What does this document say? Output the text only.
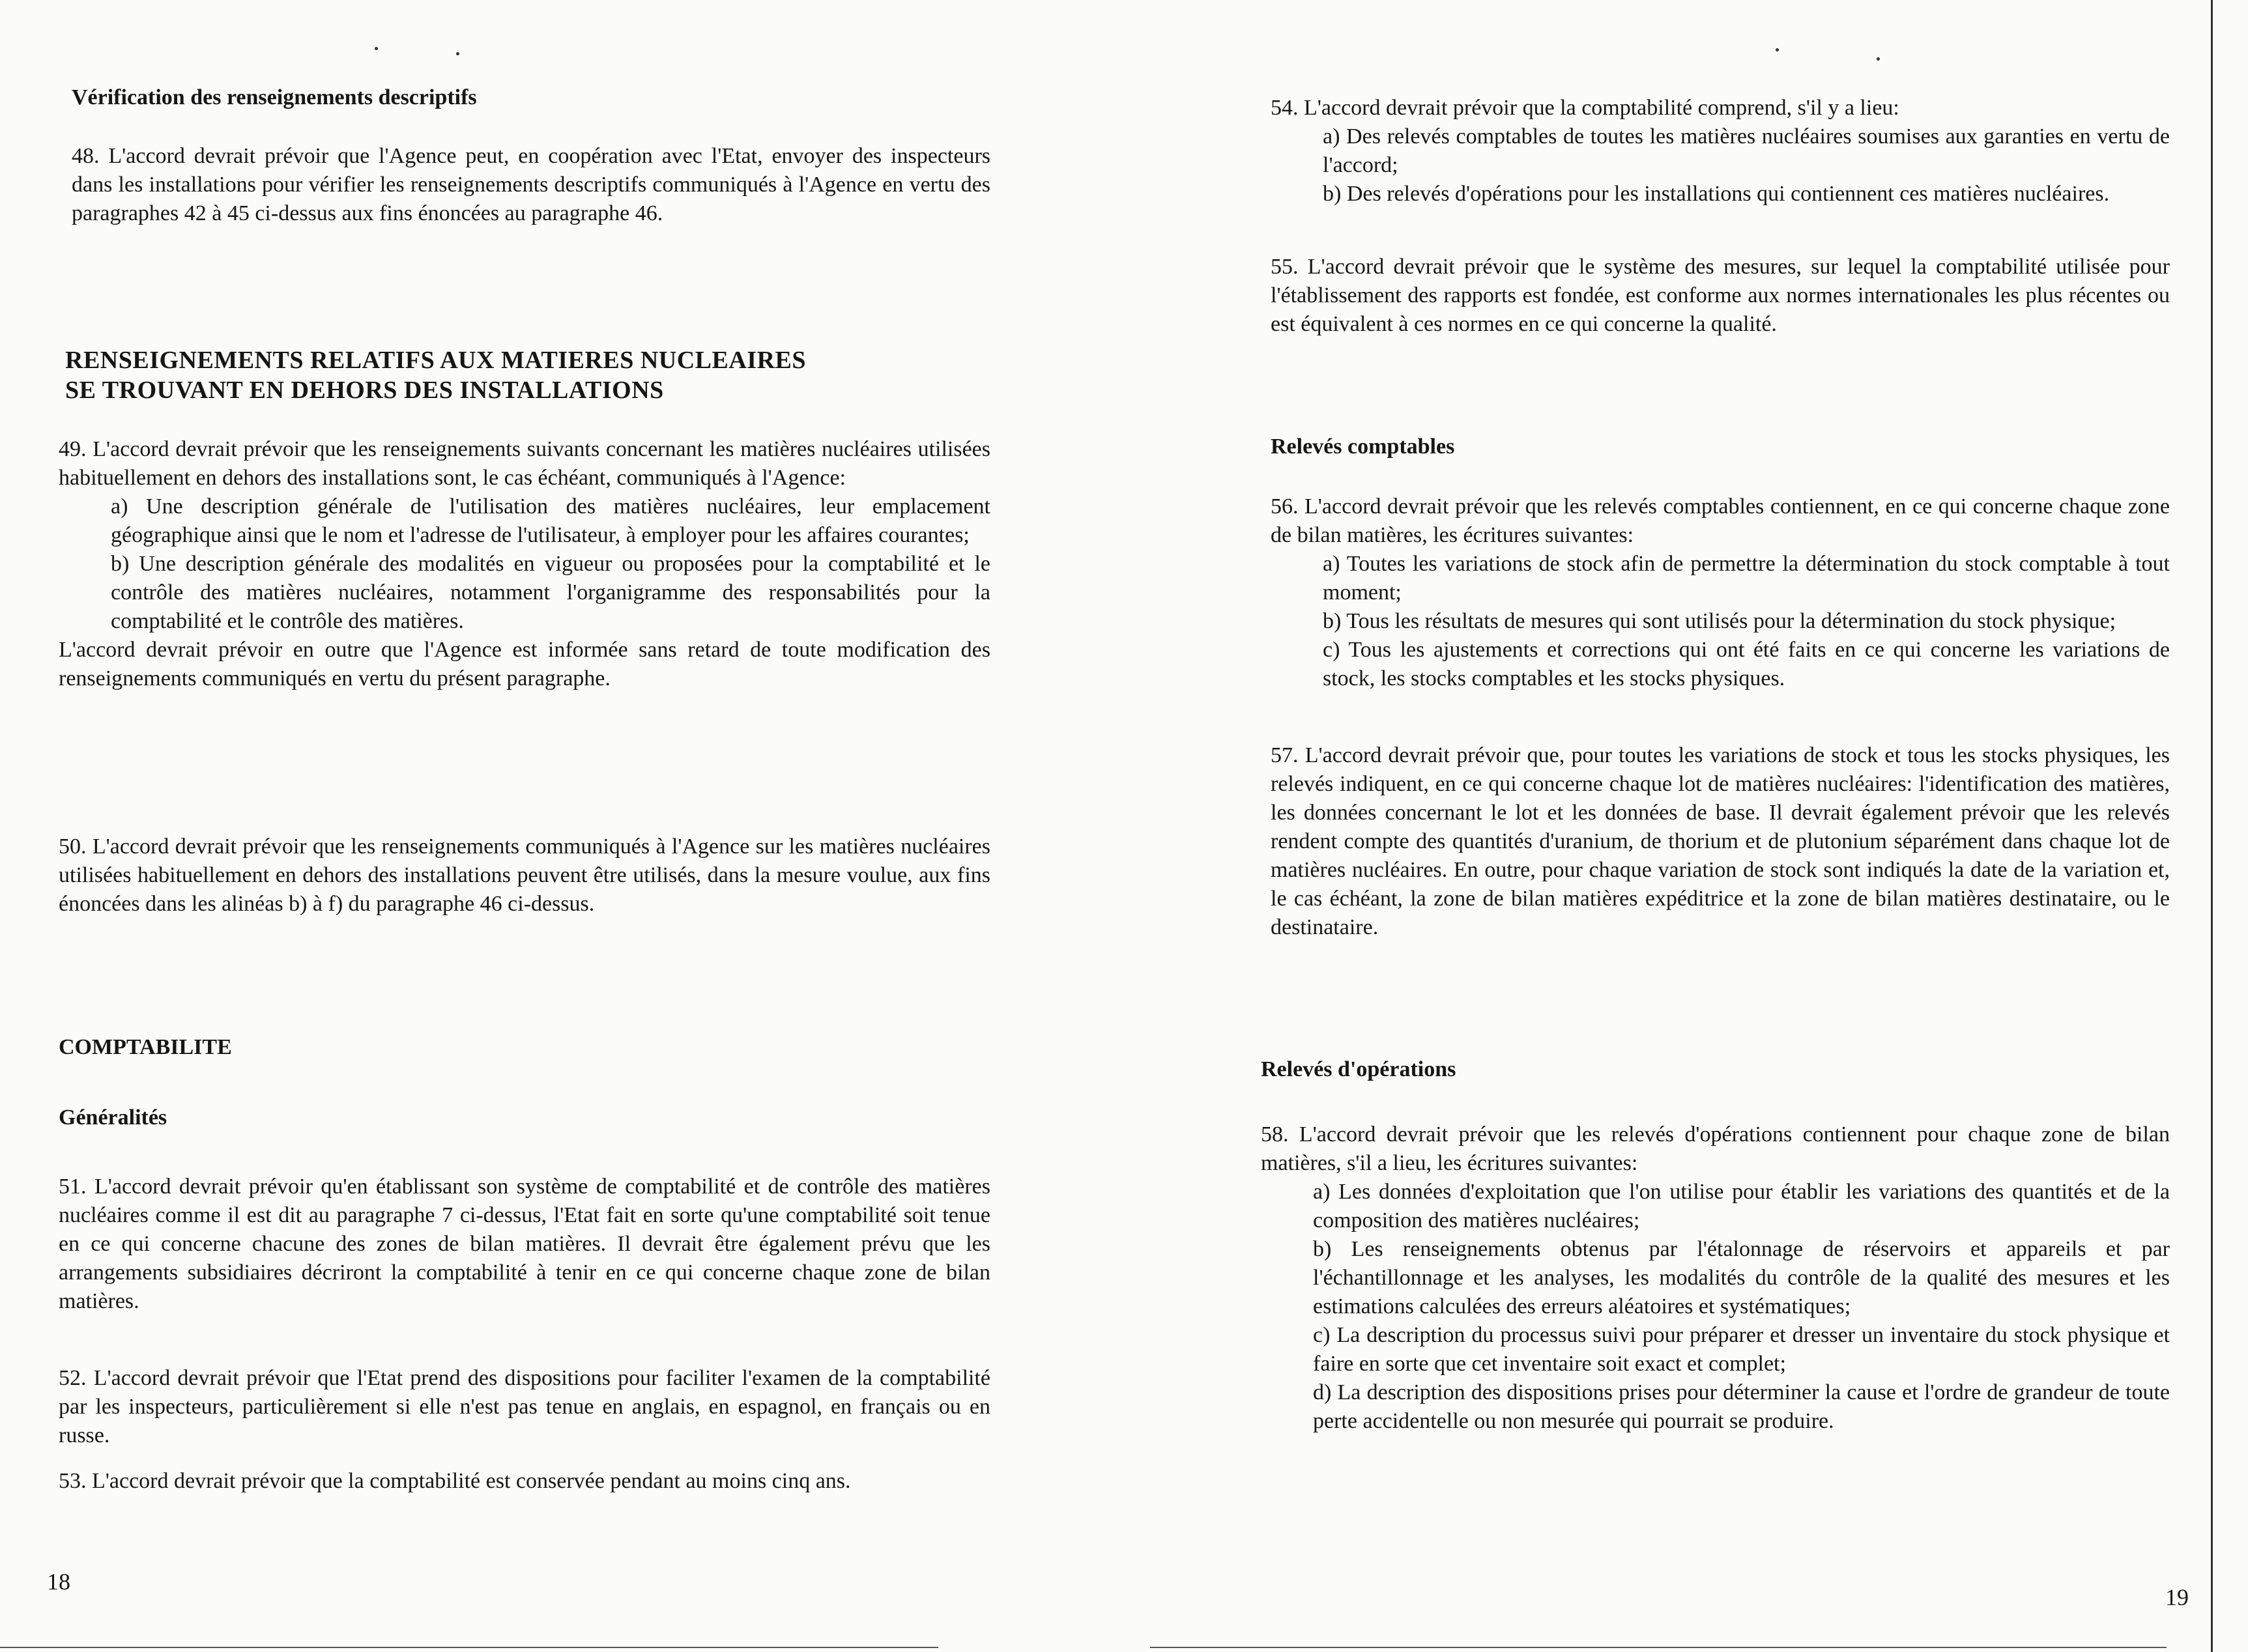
Vérification des renseignements descriptifs

48. L'accord devrait prévoir que l'Agence peut, en coopération avec l'Etat, envoyer des inspecteurs dans les installations pour vérifier les renseignements descriptifs communiqués à l'Agence en vertu des paragraphes 42 à 45 ci-dessus aux fins énoncées au paragraphe 46.

RENSEIGNEMENTS RELATIFS AUX MATIERES NUCLEAIRES
SE TROUVANT EN DEHORS DES INSTALLATIONS

49. L'accord devrait prévoir que les renseignements suivants concernant les matières nucléaires utilisées habituellement en dehors des installations sont, le cas échéant, communiqués à l'Agence:

a) Une description générale de l'utilisation des matières nucléaires, leur emplacement géographique ainsi que le nom et l'adresse de l'utilisateur, à employer pour les affaires courantes;

b) Une description générale des modalités en vigueur ou proposées pour la comptabilité et le contrôle des matières nucléaires, notamment l'organigramme des responsabilités pour la comptabilité et le contrôle des matières.

L'accord devrait prévoir en outre que l'Agence est informée sans retard de toute modification des renseignements communiqués en vertu du présent paragraphe.

50. L'accord devrait prévoir que les renseignements communiqués à l'Agence sur les matières nucléaires utilisées habituellement en dehors des installations peuvent être utilisés, dans la mesure voulue, aux fins énoncées dans les alinéas b) à f) du paragraphe 46 ci-dessus.

COMPTABILITE
Généralités

51. L'accord devrait prévoir qu'en établissant son système de comptabilité et de contrôle des matières nucléaires comme il est dit au paragraphe 7 ci-dessus, l'Etat fait en sorte qu'une comptabilité soit tenue en ce qui concerne chacune des zones de bilan matières. Il devrait être également prévu que les arrangements subsidiaires décriront la comptabilité à tenir en ce qui concerne chaque zone de bilan matières.

52. L'accord devrait prévoir que l'Etat prend des dispositions pour faciliter l'examen de la comptabilité par les inspecteurs, particulièrement si elle n'est pas tenue en anglais, en espagnol, en français ou en russe.

53. L'accord devrait prévoir que la comptabilité est conservée pendant au moins cinq ans.

18

54. L'accord devrait prévoir que la comptabilité comprend, s'il y a lieu:

a) Des relevés comptables de toutes les matières nucléaires soumises aux garanties en vertu de l'accord;

b) Des relevés d'opérations pour les installations qui contiennent ces matières nucléaires.

55. L'accord devrait prévoir que le système des mesures, sur lequel la comptabilité utilisée pour l'établissement des rapports est fondée, est conforme aux normes internationales les plus récentes ou est équivalent à ces normes en ce qui concerne la qualité.

Relevés comptables

56. L'accord devrait prévoir que les relevés comptables contiennent, en ce qui concerne chaque zone de bilan matières, les écritures suivantes:

a) Toutes les variations de stock afin de permettre la détermination du stock comptable à tout moment;

b) Tous les résultats de mesures qui sont utilisés pour la détermination du stock physique;

c) Tous les ajustements et corrections qui ont été faits en ce qui concerne les variations de stock, les stocks comptables et les stocks physiques.

57. L'accord devrait prévoir que, pour toutes les variations de stock et tous les stocks physiques, les relevés indiquent, en ce qui concerne chaque lot de matières nucléaires: l'identification des matières, les données concernant le lot et les données de base. Il devrait également prévoir que les relevés rendent compte des quantités d'uranium, de thorium et de plutonium séparément dans chaque lot de matières nucléaires. En outre, pour chaque variation de stock sont indiqués la date de la variation et, le cas échéant, la zone de bilan matières expéditrice et la zone de bilan matières destinataire, ou le destinataire.

Relevés d'opérations

58. L'accord devrait prévoir que les relevés d'opérations contiennent pour chaque zone de bilan matières, s'il a lieu, les écritures suivantes:

a) Les données d'exploitation que l'on utilise pour établir les variations des quantités et de la composition des matières nucléaires;

b) Les renseignements obtenus par l'étalonnage de réservoirs et appareils et par l'échantillonnage et les analyses, les modalités du contrôle de la qualité des mesures et les estimations calculées des erreurs aléatoires et systématiques;

c) La description du processus suivi pour préparer et dresser un inventaire du stock physique et faire en sorte que cet inventaire soit exact et complet;

d) La description des dispositions prises pour déterminer la cause et l'ordre de grandeur de toute perte accidentelle ou non mesurée qui pourrait se produire.

19
